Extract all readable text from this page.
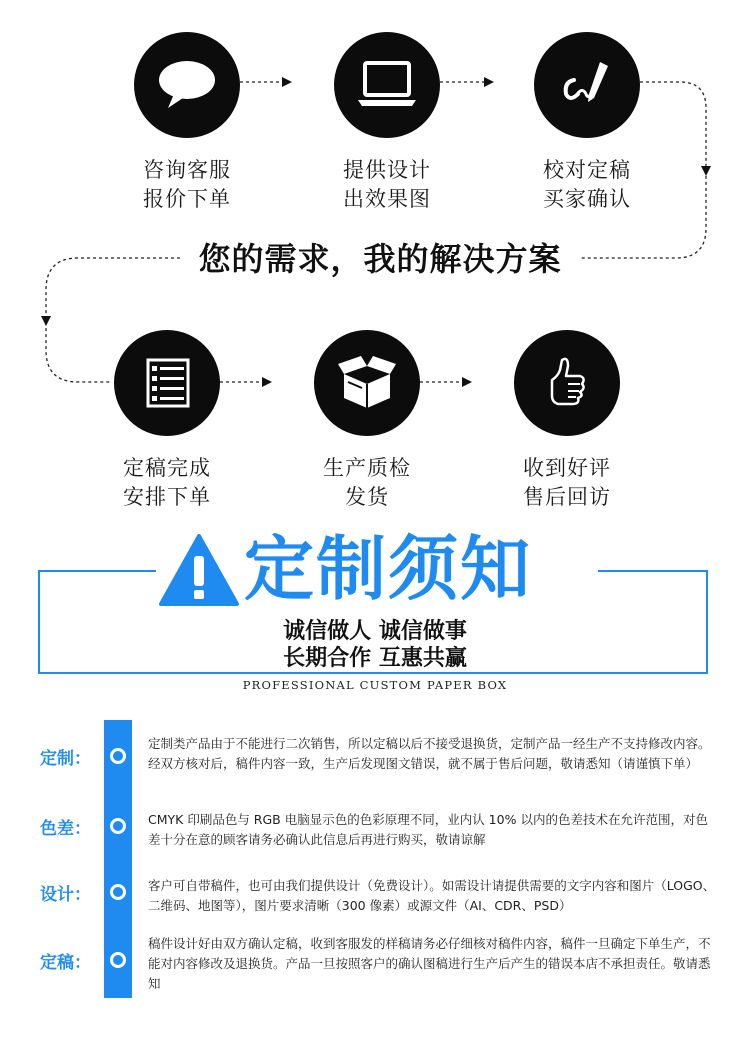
咨询客服
报价下单
提供设计
出效果图
校对定稿
买家确认
定稿完成
安排下单
生产质检
发货
收到好评
售后回访
您的需求，我的解决方案
定制须知
诚信做人 诚信做事
长期合作 互惠共赢
PROFESSIONAL CUSTOM PAPER BOX
定制：
定制类产品由于不能进行二次销售，所以定稿以后不接受退换货，定制产品一经生产不支持修改内容。经双方核对后，稿件内容一致，生产后发现图文错误，就不属于售后问题，敬请悉知（请谨慎下单）
色差：	CMYK 印刷品色与 RGB 电脑显示色的色彩原理不同，业内认 10% 以内的色差技术在允许范围，对色差十分在意的顾客请务必确认此信息后再进行购买，敬请谅解
设计：	客户可自带稿件，也可由我们提供设计（免费设计）。如需设计请提供需要的文字内容和图片（LOGO、二维码、地图等），图片要求清晰（300 像素）或源文件（AI、CDR、PSD）
定稿：
稿件设计好由双方确认定稿，收到客服发的样稿请务必仔细核对稿件内容，稿件一旦确定下单生产，不能对内容修改及退换货。产品一旦按照客户的确认图稿进行生产后产生的错误本店不承担责任。敬请悉知
